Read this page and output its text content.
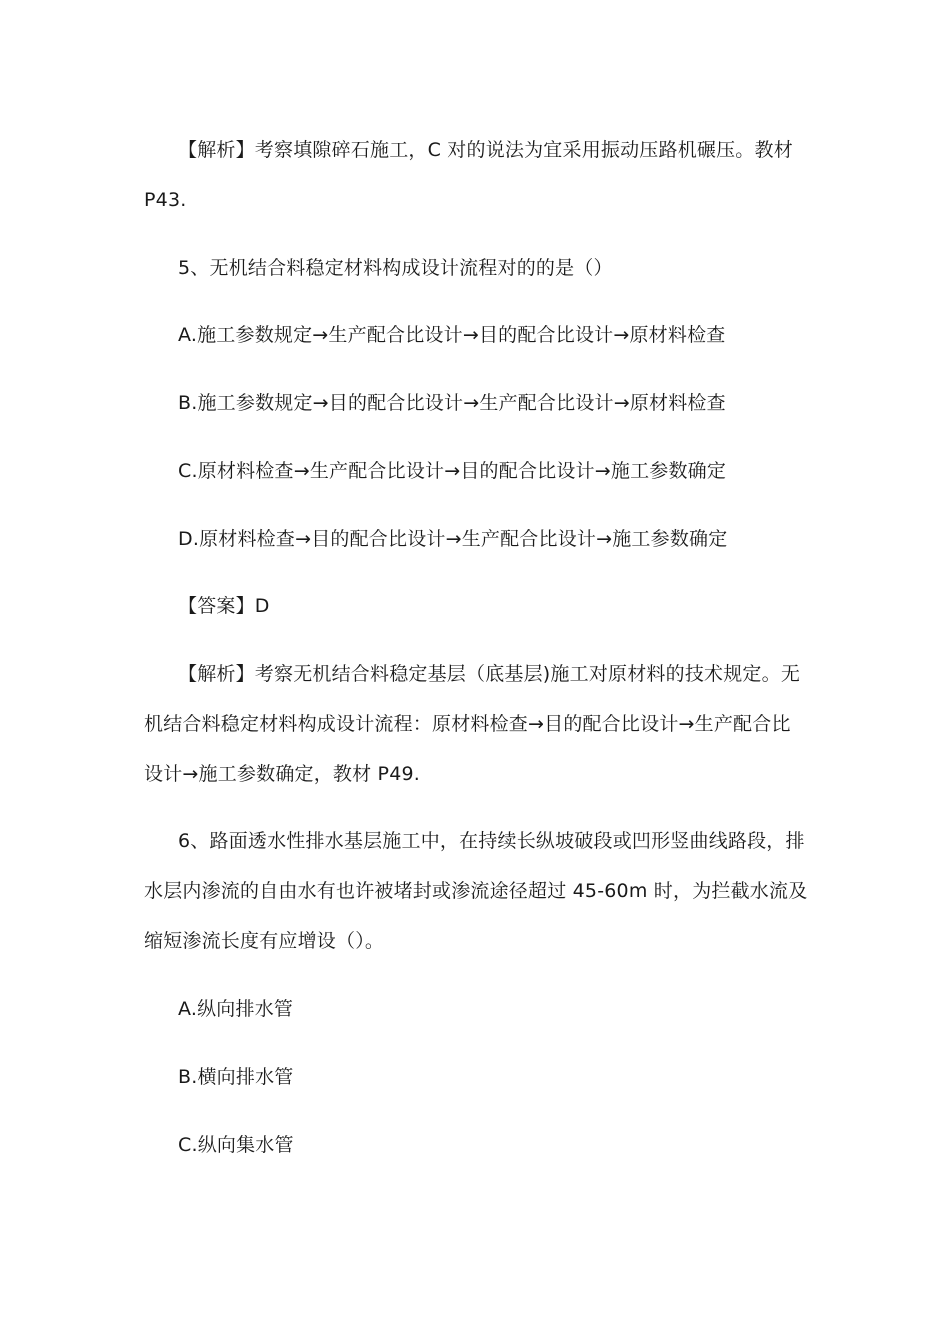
【解析】考察填隙碎石施工，C 对的说法为宜采用振动压路机碾压。教材
P43.
5、无机结合料稳定材料构成设计流程对的的是（）
A.施工参数规定→生产配合比设计→目的配合比设计→原材料检查
B.施工参数规定→目的配合比设计→生产配合比设计→原材料检查
C.原材料检查→生产配合比设计→目的配合比设计→施工参数确定
D.原材料检查→目的配合比设计→生产配合比设计→施工参数确定
【答案】D
【解析】考察无机结合料稳定基层（底基层)施工对原材料的技术规定。无
机结合料稳定材料构成设计流程：原材料检查→目的配合比设计→生产配合比
设计→施工参数确定，教材 P49.
6、路面透水性排水基层施工中，在持续长纵坡破段或凹形竖曲线路段，排
水层内渗流的自由水有也许被堵封或渗流途径超过 45-60m 时，为拦截水流及
缩短渗流长度有应增设（）。
A.纵向排水管
B.横向排水管
C.纵向集水管
